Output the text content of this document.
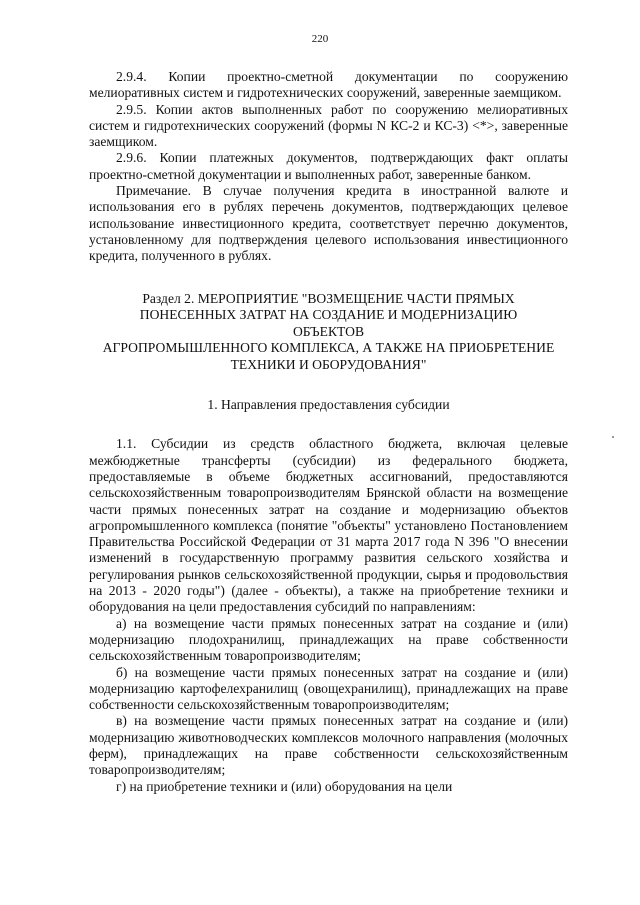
220

2.9.4. Копии проектно-сметной документации по сооружению мелиоративных систем и гидротехнических сооружений, заверенные заемщиком.

2.9.5. Копии актов выполненных работ по сооружению мелиоративных систем и гидротехнических сооружений (формы N КС-2 и КС-3) <*>, заверенные заемщиком.

2.9.6. Копии платежных документов, подтверждающих факт оплаты проектно-сметной документации и выполненных работ, заверенные банком.

Примечание. В случае получения кредита в иностранной валюте и использования его в рублях перечень документов, подтверждающих целевое использование инвестиционного кредита, соответствует перечню документов, установленному для подтверждения целевого использования инвестиционного кредита, полученного в рублях.

Раздел 2. МЕРОПРИЯТИЕ "ВОЗМЕЩЕНИЕ ЧАСТИ ПРЯМЫХ
ПОНЕСЕННЫХ ЗАТРАТ НА СОЗДАНИЕ И МОДЕРНИЗАЦИЮ
ОБЪЕКТОВ
АГРОПРОМЫШЛЕННОГО КОМПЛЕКСА, А ТАКЖЕ НА ПРИОБРЕТЕНИЕ
ТЕХНИКИ И ОБОРУДОВАНИЯ"
1. Направления предоставления субсидии

1.1. Субсидии из средств областного бюджета, включая целевые межбюджетные трансферты (субсидии) из федерального бюджета, предоставляемые в объеме бюджетных ассигнований, предоставляются сельскохозяйственным товаропроизводителям Брянской области на возмещение части прямых понесенных затрат на создание и модернизацию объектов агропромышленного комплекса (понятие "объекты" установлено Постановлением Правительства Российской Федерации от 31 марта 2017 года N 396 "О внесении изменений в государственную программу развития сельского хозяйства и регулирования рынков сельскохозяйственной продукции, сырья и продовольствия на 2013 - 2020 годы") (далее - объекты), а также на приобретение техники и оборудования на цели предоставления субсидий по направлениям:

а) на возмещение части прямых понесенных затрат на создание и (или) модернизацию плодохранилищ, принадлежащих на праве собственности сельскохозяйственным товаропроизводителям;

б) на возмещение части прямых понесенных затрат на создание и (или) модернизацию картофелехранилищ (овощехранилищ), принадлежащих на праве собственности сельскохозяйственным товаропроизводителям;

в) на возмещение части прямых понесенных затрат на создание и (или) модернизацию животноводческих комплексов молочного направления (молочных ферм), принадлежащих на праве собственности сельскохозяйственным товаропроизводителям;

г) на приобретение техники и (или) оборудования на цели
